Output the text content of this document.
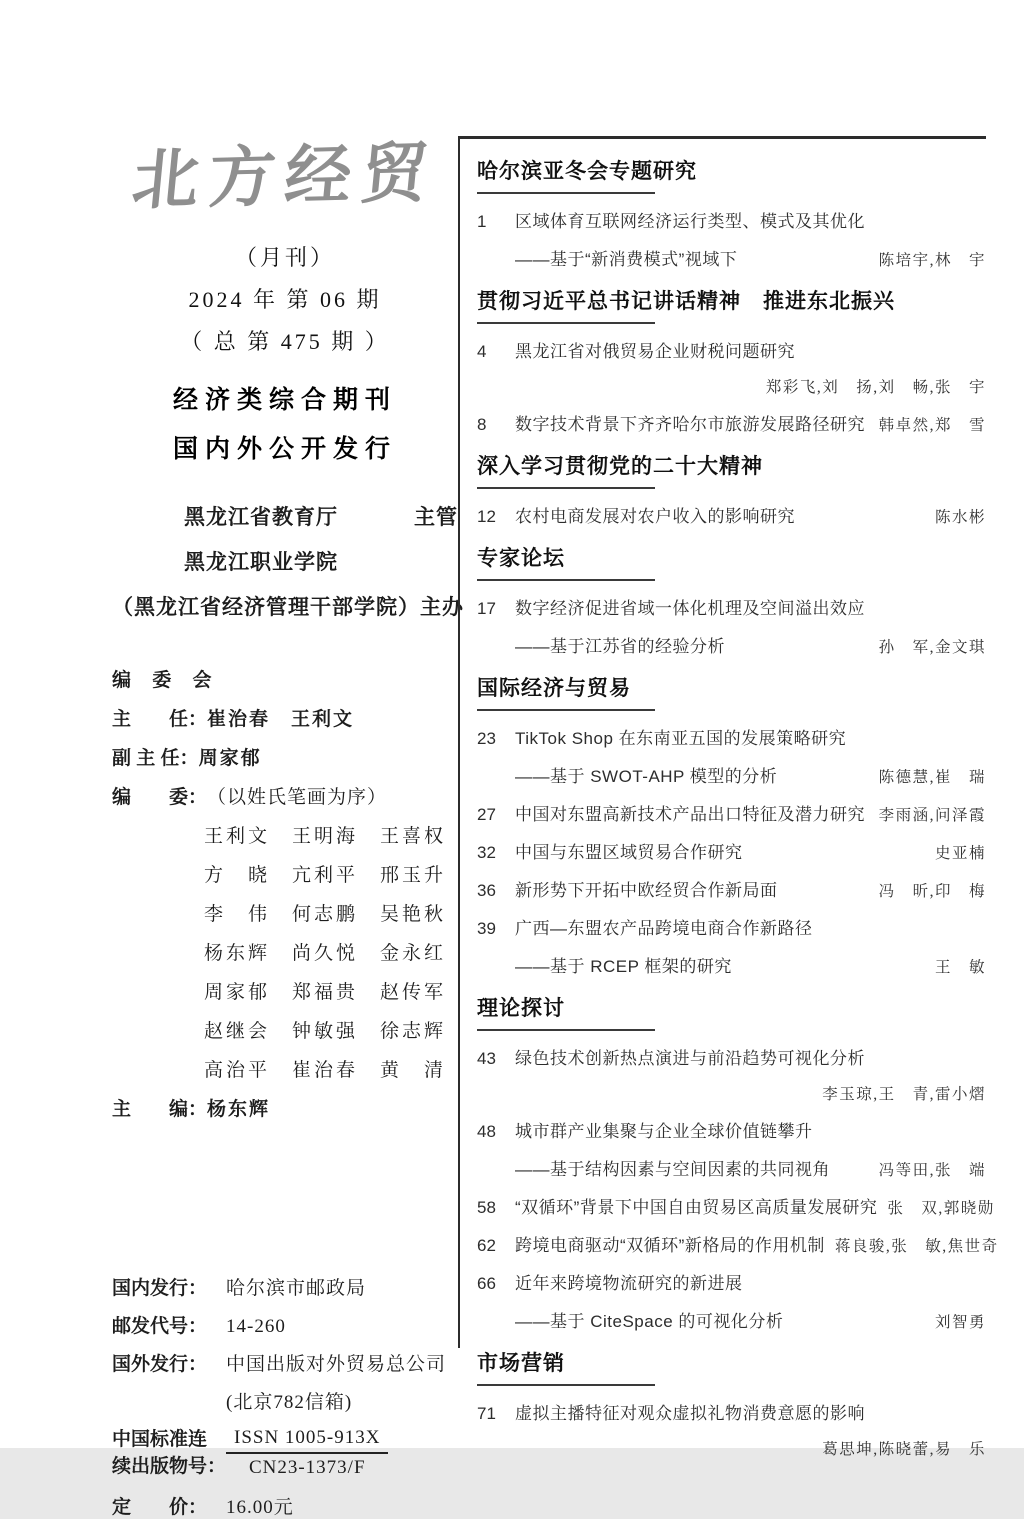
北方经贸
（月刊）
2024 年 第 06 期
（ 总 第 475 期 ）
经济类综合期刊
国内外公开发行
黑龙江省教育厅	主管
黑龙江职业学院
（黑龙江省经济管理干部学院） 主办
编 委 会
主　　任： 崔治春　王利文
副 主 任： 周家郁
编　　委： （以姓氏笔画为序）
王利文　王明海　王喜权
方　晓　亢利平　邢玉升
李　伟　何志鹏　吴艳秋
杨东辉　尚久悦　金永红
周家郁　郑福贵　赵传军
赵继会　钟敏强　徐志辉
高治平　崔治春　黄　清
主　　编： 杨东辉
国内发行： 哈尔滨市邮政局
邮发代号： 14-260
国外发行： 中国出版对外贸易总公司
(北京782信箱)
中国标准连
续出版物号：
ISSN 1005-913X
CN23-1373/F
定　　价： 16.00元
哈尔滨亚冬会专题研究
1	区域体育互联网经济运行类型、模式及其优化
——基于“新消费模式”视域下	陈培宇,林　宇
贯彻习近平总书记讲话精神　推进东北振兴
4	黑龙江省对俄贸易企业财税问题研究
郑彩飞,刘　扬,刘　畅,张　宇
8	数字技术背景下齐齐哈尔市旅游发展路径研究 韩卓然,郑　雪
深入学习贯彻党的二十大精神
12	农村电商发展对农户收入的影响研究	陈水彬
专家论坛
17	数字经济促进省域一体化机理及空间溢出效应
——基于江苏省的经验分析	孙　军,金文琪
国际经济与贸易
23	TikTok Shop 在东南亚五国的发展策略研究
——基于 SWOT-AHP 模型的分析	陈德慧,崔　瑞
27	中国对东盟高新技术产品出口特征及潜力研究 李雨涵,问泽霞
32	中国与东盟区域贸易合作研究	史亚楠
36	新形势下开拓中欧经贸合作新局面	冯　昕,印　梅
39	广西—东盟农产品跨境电商合作新路径
——基于 RCEP 框架的研究	王　敏
理论探讨
43	绿色技术创新热点演进与前沿趋势可视化分析
李玉琼,王　青,雷小熠
48	城市群产业集聚与企业全球价值链攀升
——基于结构因素与空间因素的共同视角	冯等田,张　端
58	“双循环”背景下中国自由贸易区高质量发展研究 张　双,郭晓勋
62	跨境电商驱动“双循环”新格局的作用机制 蒋良骏,张　敏,焦世奇
66	近年来跨境物流研究的新进展
——基于 CiteSpace 的可视化分析	刘智勇
市场营销
71	虚拟主播特征对观众虚拟礼物消费意愿的影响
葛思坤,陈晓蕾,易　乐
